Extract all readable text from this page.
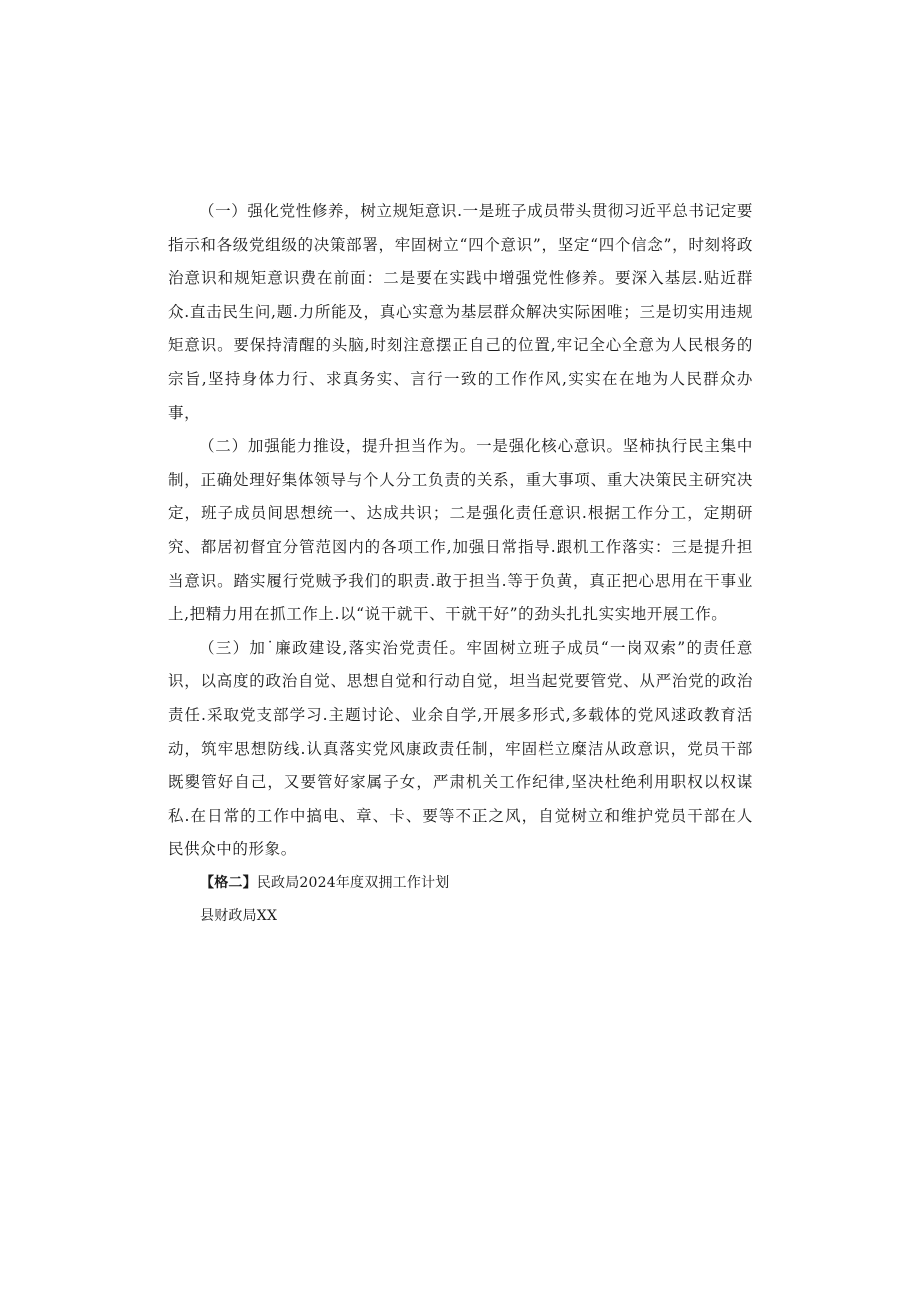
（一）强化党性修养，树立规矩意识.一是班子成员带头贯彻习近平总书记定要指示和各级党组级的决策部署，牢固树立“四个意识”，坚定“四个信念”，时刻将政治意识和规矩意识费在前面：二是要在实践中增强党性修养。要深入基层.贴近群众.直击民生问,题.力所能及，真心实意为基层群众解决实际困唯；三是切实用违规矩意识。要保持清醒的头脑,时刻注意摆正自己的位置,牢记全心全意为人民根务的宗旨,坚持身体力行、求真务实、言行一致的工作作风,实实在在地为人民群众办事，

（二）加强能力推设，提升担当作为。一是强化核心意识。坚柿执行民主集中制，正确处理好集体领导与个人分工负责的关系，重大事项、重大决策民主研究决定，班子成员间思想统一、达成共识；二是强化责任意识.根据工作分工，定期研究、都居初督宜分管范図内的各项工作,加强日常指导.跟机工作落实：三是提升担当意识。踏实履行党贼予我们的职责.敢于担当.等于负黄，真正把心思用在干事业上,把精力用在抓工作上.以“说干就干、干就干好”的劲头扎扎实实地开展工作。

（三）加˙廉政建设,落实治党责任。牢固树立班子成员“一岗双索”的责任意识，以高度的政治自觉、思想自觉和行动自觉，坦当起党要管党、从严治党的政治责任.采取党支部学习.主题讨论、业余自学,开展多形式,多载体的党风逑政教育活动，筑牢思想防线.认真落实党风康政责任制，牢固栏立糜洁从政意识，党员干部既夓管好自己，又要管好家属子女，严肃机关工作纪律,坚决杜绝利用职权以权谋私.在日常的工作中搞电、章、卡、要等不正之风，自觉树立和维护党员干部在人民供众中的形象。

【格二】民政局2024年度双拥工作计划

县财政局XX
